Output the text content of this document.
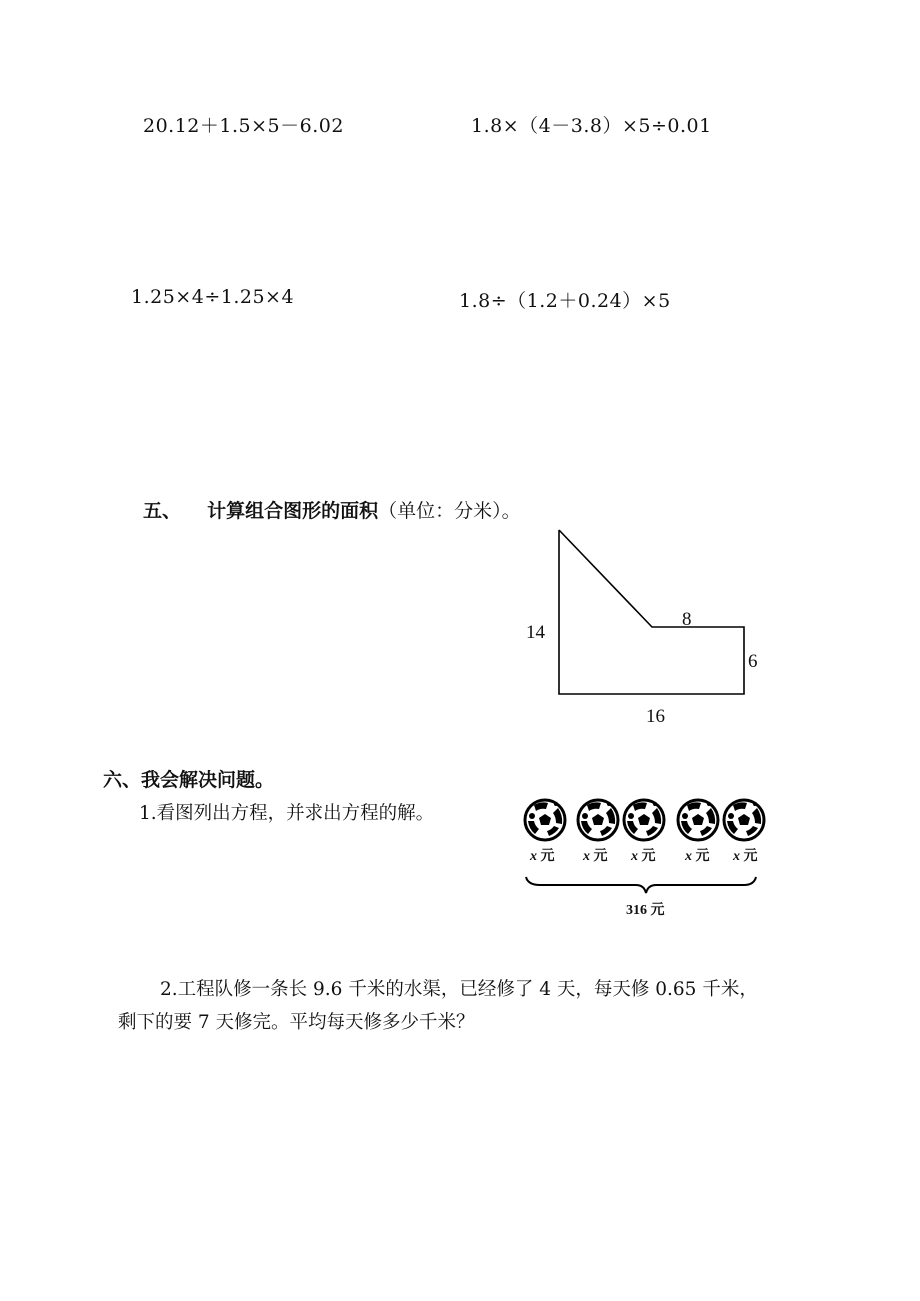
20.12＋1.5×5－6.02	1.8×（4－3.8）×5÷0.01
1.25×4÷1.25×4	1.8÷（1.2＋0.24）×5
五、 计算组合图形的面积（单位：分米）。
14
8
6
16
六、我会解决问题。
1.看图列出方程，并求出方程的解。
x 元 x 元 x 元 x 元 x 元
316 元
2.工程队修一条长 9.6 千米的水渠，已经修了 4 天，每天修 0.65 千米，
剩下的要 7 天修完。平均每天修多少千米？
